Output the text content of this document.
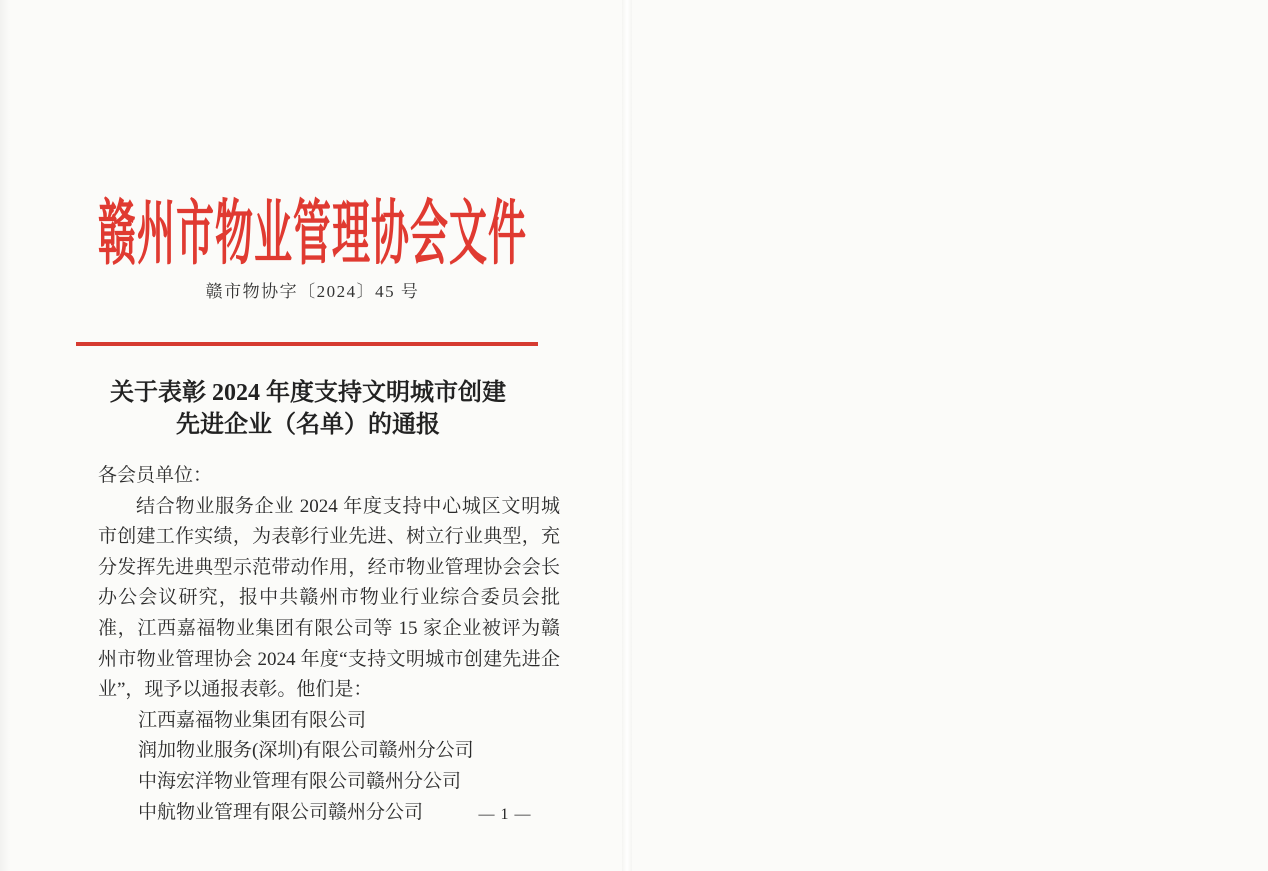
赣州市物业管理协会文件
赣市物协字〔2024〕45 号
关于表彰 2024 年度支持文明城市创建
先进企业（名单）的通报
各会员单位：
结合物业服务企业 2024 年度支持中心城区文明城市创建工作实绩，为表彰行业先进、树立行业典型，充分发挥先进典型示范带动作用，经市物业管理协会会长办公会议研究，报中共赣州市物业行业综合委员会批准，江西嘉福物业集团有限公司等 15 家企业被评为赣州市物业管理协会 2024 年度“支持文明城市创建先进企业”，现予以通报表彰。他们是：
江西嘉福物业集团有限公司
润加物业服务(深圳)有限公司赣州分公司
中海宏洋物业管理有限公司赣州分公司
中航物业管理有限公司赣州分公司	— 1 —
